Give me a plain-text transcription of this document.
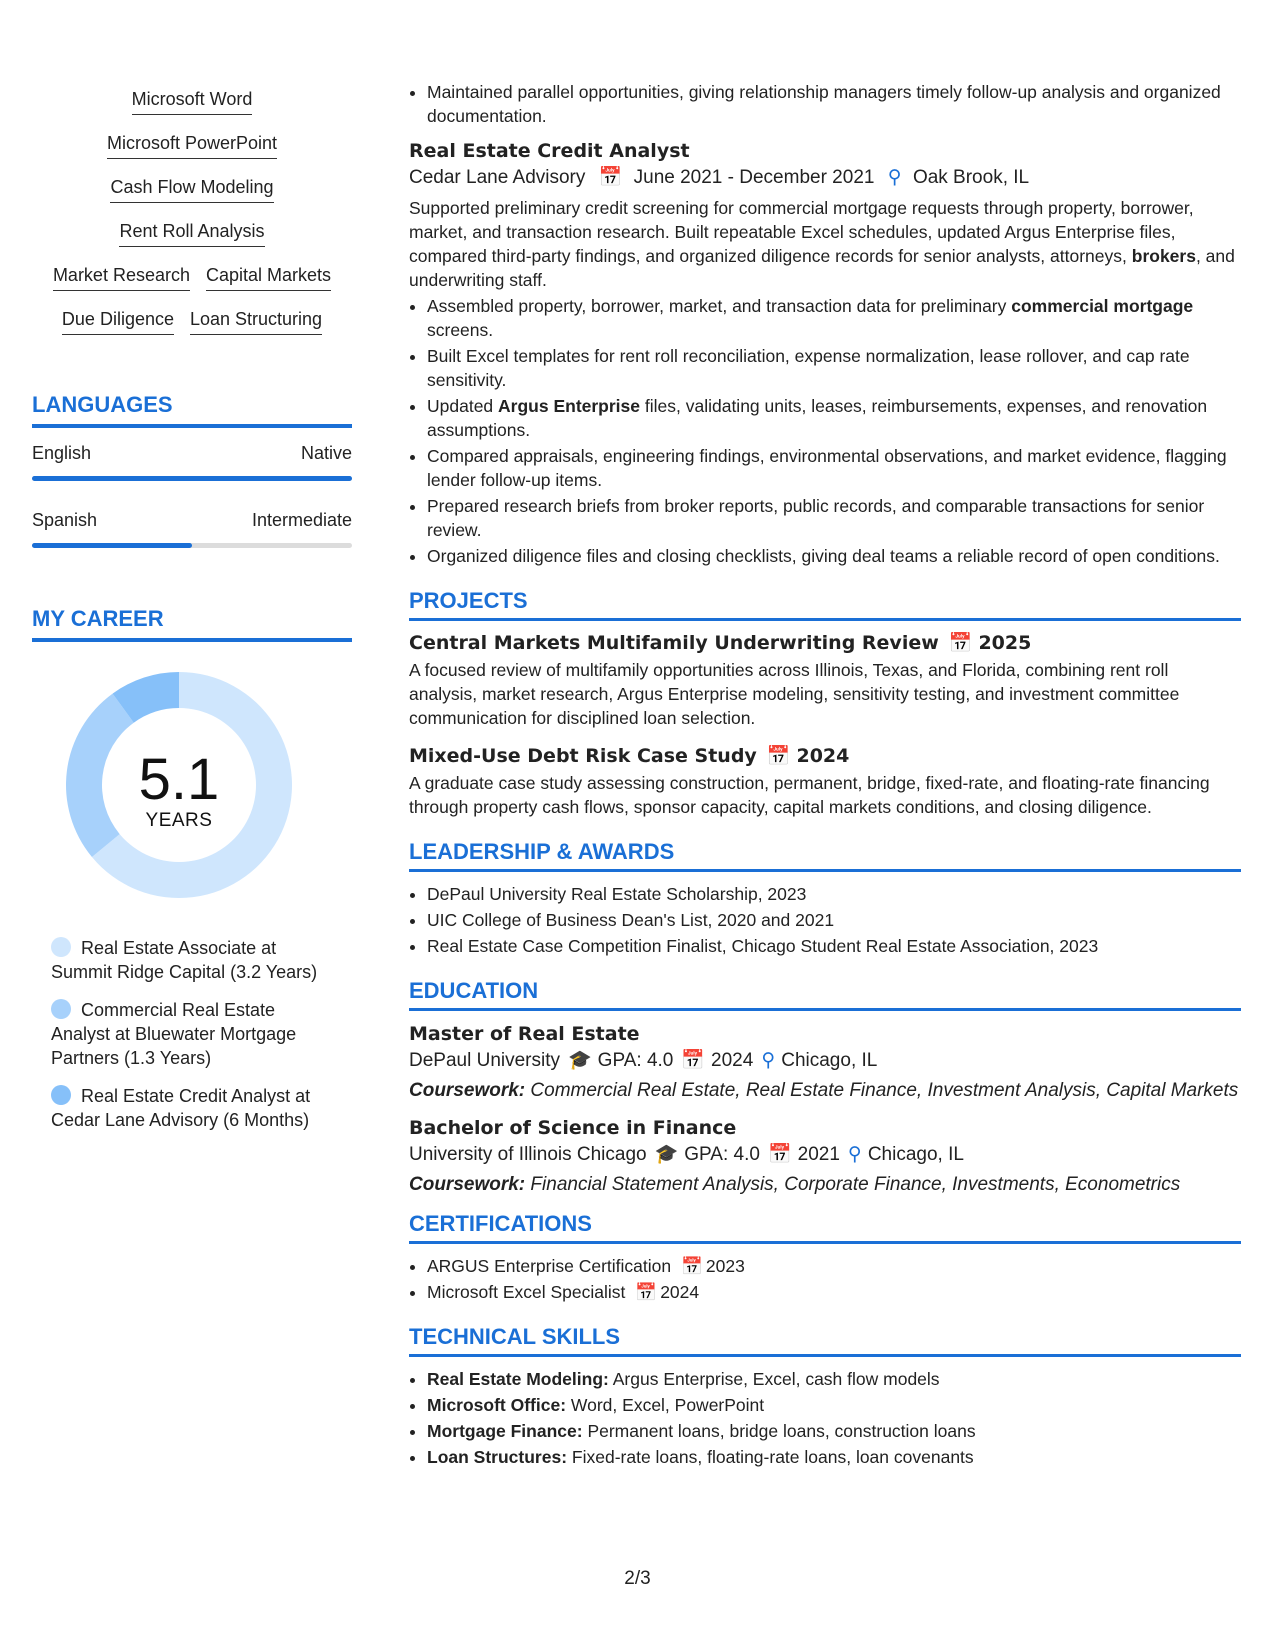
Microsoft Word
Microsoft PowerPoint
Cash Flow Modeling
Rent Roll Analysis
Market Research Capital Markets
Due Diligence Loan Structuring
LANGUAGES
English	Native
Spanish	Intermediate
MY CAREER
5.1
YEARS
Real Estate Associate at Summit Ridge Capital (3.2 Years)
Commercial Real Estate Analyst at Bluewater Mortgage Partners (1.3 Years)
Real Estate Credit Analyst at Cedar Lane Advisory (6 Months)
• Maintained parallel opportunities, giving relationship managers timely follow-up analysis and organized documentation.
Real Estate Credit Analyst
Cedar Lane Advisory 📅 June 2021 - December 2021 ⚲ Oak Brook, IL
Supported preliminary credit screening for commercial mortgage requests through property, borrower, market, and transaction research. Built repeatable Excel schedules, updated Argus Enterprise files, compared third-party findings, and organized diligence records for senior analysts, attorneys, brokers, and underwriting staff.
• Assembled property, borrower, market, and transaction data for preliminary commercial mortgage screens.
• Built Excel templates for rent roll reconciliation, expense normalization, lease rollover, and cap rate sensitivity.
• Updated Argus Enterprise files, validating units, leases, reimbursements, expenses, and renovation assumptions.
• Compared appraisals, engineering findings, environmental observations, and market evidence, flagging lender follow-up items.
• Prepared research briefs from broker reports, public records, and comparable transactions for senior review.
• Organized diligence files and closing checklists, giving deal teams a reliable record of open conditions.
PROJECTS
Central Markets Multifamily Underwriting Review 📅 2025
A focused review of multifamily opportunities across Illinois, Texas, and Florida, combining rent roll analysis, market research, Argus Enterprise modeling, sensitivity testing, and investment committee communication for disciplined loan selection.
Mixed-Use Debt Risk Case Study 📅 2024
A graduate case study assessing construction, permanent, bridge, fixed-rate, and floating-rate financing through property cash flows, sponsor capacity, capital markets conditions, and closing diligence.
LEADERSHIP & AWARDS
• DePaul University Real Estate Scholarship, 2023
• UIC College of Business Dean's List, 2020 and 2021
• Real Estate Case Competition Finalist, Chicago Student Real Estate Association, 2023
EDUCATION
Master of Real Estate
DePaul University 🎓 GPA: 4.0 📅 2024 ⚲ Chicago, IL
Coursework: Commercial Real Estate, Real Estate Finance, Investment Analysis, Capital Markets
Bachelor of Science in Finance
University of Illinois Chicago 🎓 GPA: 4.0 📅 2021 ⚲ Chicago, IL
Coursework: Financial Statement Analysis, Corporate Finance, Investments, Econometrics
CERTIFICATIONS
• ARGUS Enterprise Certification 📅 2023
• Microsoft Excel Specialist 📅 2024
TECHNICAL SKILLS
• Real Estate Modeling: Argus Enterprise, Excel, cash flow models
• Microsoft Office: Word, Excel, PowerPoint
• Mortgage Finance: Permanent loans, bridge loans, construction loans
• Loan Structures: Fixed-rate loans, floating-rate loans, loan covenants
2/3
